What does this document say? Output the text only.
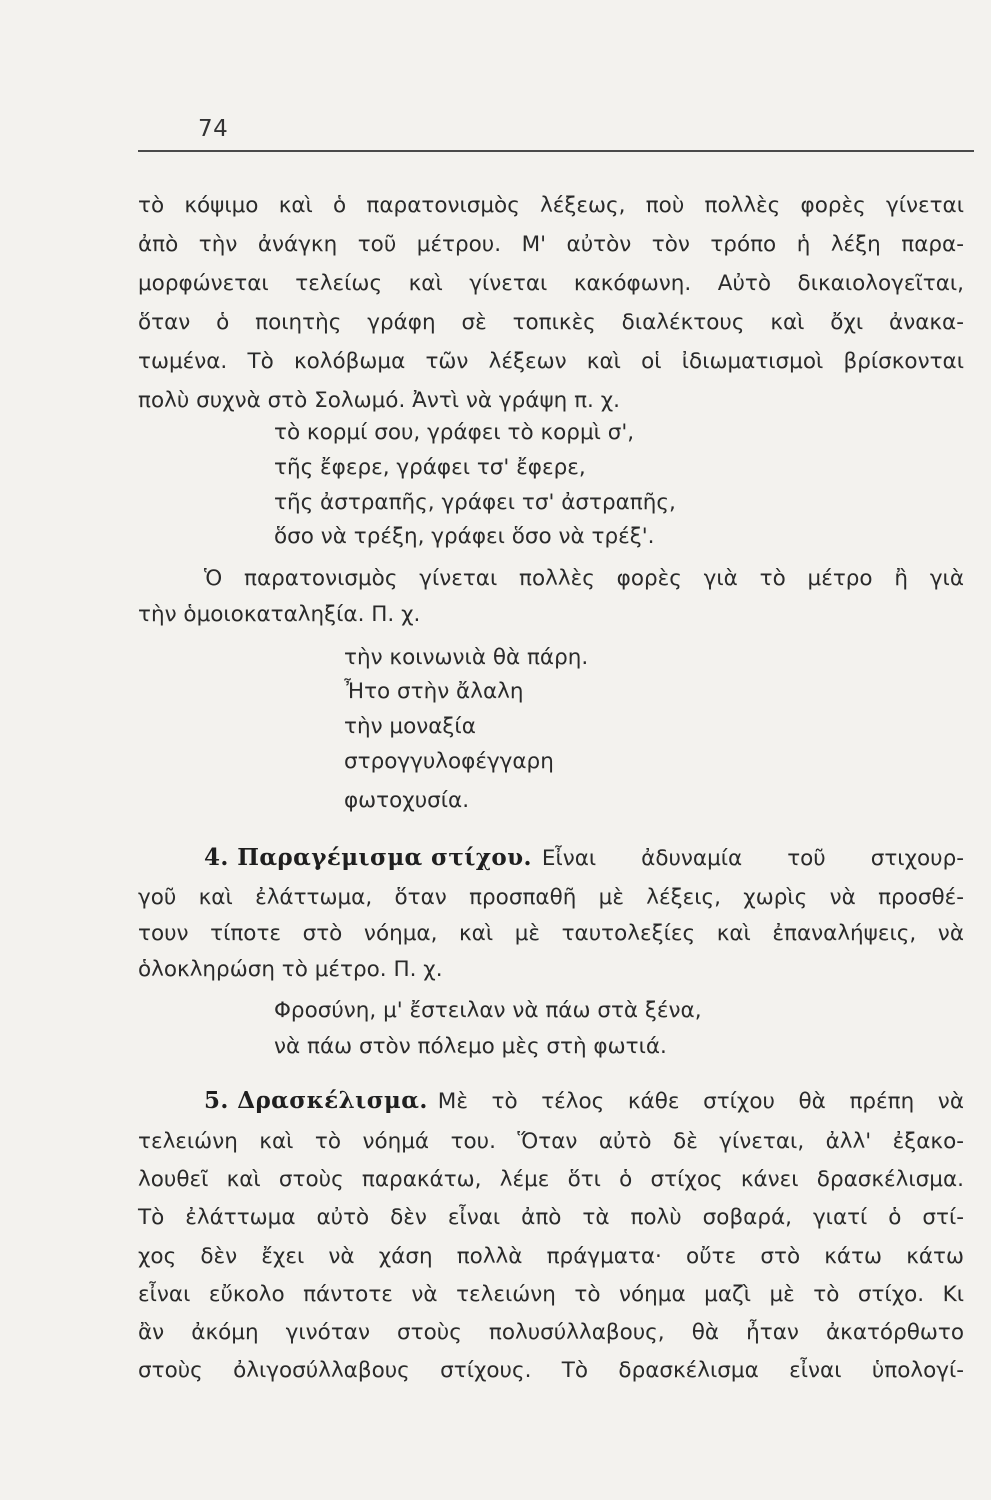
74
τὸ κόψιμο καὶ ὁ παρατονισμὸς λέξεως, ποὺ πολλὲς φορὲς γίνεται
ἀπὸ τὴν ἀνάγκη τοῦ μέτρου. Μ' αὐτὸν τὸν τρόπο ἡ λέξη παρα-
μορφώνεται τελείως καὶ γίνεται κακόφωνη. Αὐτὸ δικαιολογεῖται,
ὅταν ὁ ποιητὴς γράφη σὲ τοπικὲς διαλέκτους καὶ ὄχι ἀνακα-
τωμένα. Τὸ κολόβωμα τῶν λέξεων καὶ οἱ ἰδιωματισμοὶ βρίσκονται
πολὺ συχνὰ στὸ Σολωμό. Ἀντὶ νὰ γράψη π. χ.
τὸ κορμί σου, γράφει τὸ κορμὶ σ',
τῆς ἔφερε, γράφει τσ' ἔφερε,
τῆς ἀστραπῆς, γράφει τσ' ἀστραπῆς,
ὅσο νὰ τρέξη, γράφει ὅσο νὰ τρέξ'.
Ὁ παρατονισμὸς γίνεται πολλὲς φορὲς γιὰ τὸ μέτρο ἢ γιὰ
τὴν ὁμοιοκαταληξία. Π. χ.
τὴν κοινωνιὰ θὰ πάρη.
Ἦτο στὴν ἄλαλη
τὴν μοναξία
στρογγυλοφέγγαρη
φωτοχυσία.
4. Παραγέμισμα στίχου. Εἶναι ἀδυναμία τοῦ στιχουρ-
γοῦ καὶ ἐλάττωμα, ὅταν προσπαθῆ μὲ λέξεις, χωρὶς νὰ προσθέ-
τουν τίποτε στὸ νόημα, καὶ μὲ ταυτολεξίες καὶ ἐπαναλήψεις, νὰ
ὁλοκληρώση τὸ μέτρο. Π. χ.
Φροσύνη, μ' ἔστειλαν νὰ πάω στὰ ξένα,
νὰ πάω στὸν πόλεμο μὲς στὴ φωτιά.
5. Δρασκέλισμα. Μὲ τὸ τέλος κάθε στίχου θὰ πρέπη νὰ
τελειώνη καὶ τὸ νόημά του. Ὅταν αὐτὸ δὲ γίνεται, ἀλλ' ἐξακο-
λουθεῖ καὶ στοὺς παρακάτω, λέμε ὅτι ὁ στίχος κάνει δρασκέλισμα.
Τὸ ἐλάττωμα αὐτὸ δὲν εἶναι ἀπὸ τὰ πολὺ σοβαρά, γιατί ὁ στί-
χος δὲν ἔχει νὰ χάση πολλὰ πράγματα· οὔτε στὸ κάτω κάτω
εἶναι εὔκολο πάντοτε νὰ τελειώνη τὸ νόημα μαζὶ μὲ τὸ στίχο. Κι
ἂν ἀκόμη γινόταν στοὺς πολυσύλλαβους, θὰ ἦταν ἀκατόρθωτο
στοὺς ὀλιγοσύλλαβους στίχους. Τὸ δρασκέλισμα εἶναι ὑπολογί-
